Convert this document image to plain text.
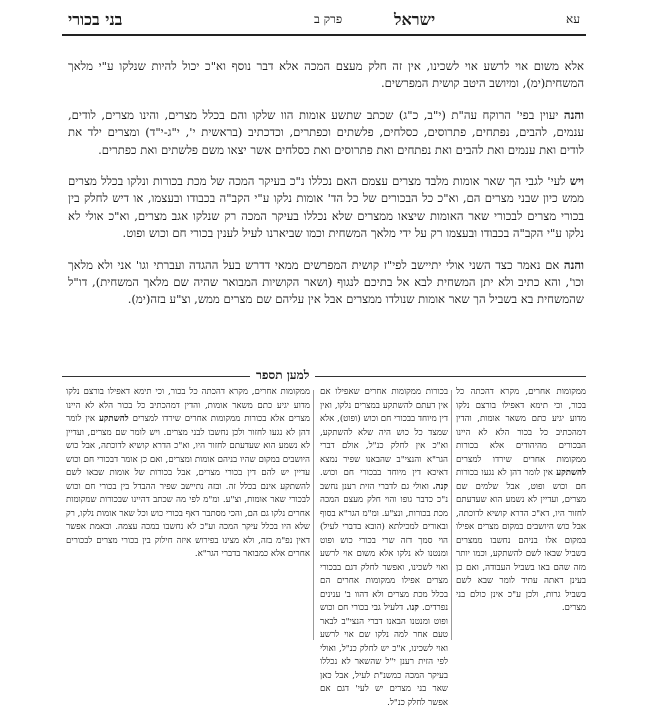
בני בכורי	פרק ב	ישראל	עא

אלא משום אוי לרשע אוי לשכינו, אין זה חלק מעצם המכה אלא דבר נוסף וא"כ יכול להיות שנלקו ע"י מלאך המשחית(ימ), ומיושב היטב קושית המפרשים.

והנה יעוין בפי' הרוקח עה"ת (י"ב, כ"ג) שכתב שתשע אומות הוו שלקו והם בכלל מצרים, והינו מצרים, לודים, ענמים, להבים, נפתחים, פתרוסים, כסלחים, פלשתים וכפתרים, וכדכתיב (בראשית י', י"ג-י"ד) ומצרים ילד את לודים ואת ענמים ואת להבים ואת נפתחים ואת פתרוסים ואת כסלחים אשר יצאו משם פלשתים ואת כפתרים.

ויש לעי' לגבי הך שאר אומות מלבד מצרים עצמם האם נכללו נ"כ בעיקר המכה של מכת בכורות ונלקו בכלל מצרים ממש כיון שבני מצרים הם, וא"כ כל הבכורים של כל הד' אומות נלקו ע"י הקב"ה בכבודו ובעצמו, או דיש לחלק בין בכורי מצרים לבכורי שאר האומות שיצאו ממצרים שלא נכללו בעיקר המכה רק שנלקו אגב מצרים, וא"כ אולי לא נלקו ע"י הקב"ה בכבודו ובעצמו רק על ידי מלאך המשחית וכמו שביארנו לעיל לענין בכורי חם וכוש ופוט.

והנה אם נאמר כצד השני אולי יתיישב לפי"ז קושית המפרשים ממאי דדרש בעל ההגדה ועברתי וגו' אני ולא מלאך וכו', והא כתיב ולא יתן המשחית לבא אל בתיכם לנגוף (ושאר הקושיות המבואר שהיה שם מלאך המשחית), דו"ל שהמשחית בא בשביל הך שאר אומות שנולדו ממצרים אבל אין עליהם שם מצרים ממש, וצ"ע בזה(ימ).

למען תספר
ממקומות אחרים, מקרא דהכתה כל בכור, וכי תימא דאפילו בורצם נלקו מדוע יגיע כתם משאר אומות, והדין דמהכתיב כל בכור הלא לא היינו הבכורים מהיהודים אלא בכורות ממקומות אחרים שירדו למצרים להשתקע אין לומר דהן לא נגעו בכורות חם וכוש ופוט, אבל שלמים שם מצרים, ועדיין לא נשמע הוא שעדעתם לחזור היו, דא"כ הדרא קושיא לדוכתה, אבל כוש היושבים במקום מצרים אפילו במקום אלו בניהם נחשבו ממצרים בשביל שבאו לשם להשתקע, וכמו יותר מזה שהם באו בשביל העבודה, ואם כן בעינן דאתה עתיד לומר שבא לשם בשביל גרות, ולכן ע"כ אינן כולם בני מצרים.
בכורות ממקומות אחרים שאפילו אם אין דעתם להשתקע במצרים נלקו, ואין דין מיוחד בבכורי חם וכוש (ופוט), אלא שמצד כל כוש היה שלא להשתקע, וא"כ אין לחלק כנ"ל, אולם דברי הגר"א והנצי"ב שהבאנו שפיר נמצא דאיכא דין מיוחד בבכורי חם וכוש. קנה. ואולי גם לדברי הזית רענן נחשב נ"כ כדבר גופו והוי חלק מעצם המכה מכת בכורות, ונצ"ע. ומ"מ הגר"א בסוף ובאורים למכילתא (הובא בדברי לעיל) הוי סמך דזה שרי בכורי כוש ופוט ומנטנו לא נלקו אלא משום אוי לרשע ואוי לשכינו, ואפשר לחלק דגם בבכורי מצרים אפילו ממקומות אחרים הם בכלל מכת מצרים ולא דהוו ב' ענינים נפרדים. קנו. דלעיל גבי בכורי חם וכוש ופוט ומנטנו הבאנו דברי הנצי"ב לבאר טעם אחר למה נלקו שם אוי לרשע ואוי לשכינו, א"כ יש לחלק כנ"ל, ואולי לפי הזית רענן י"ל שהשאר לא נכללו בעיקר המכה כמשנ"ת לעיל, אבל כאן שאר בני מצרים יש לעי' דגם אם אפשר לחלק כנ"ל.
ממקומות אחרים, מקרא דהכתה כל בכור, וכי תימא דאפילו בורצם נלקו מדוע יגיע כתם משאר אומות, והדין דמהכתיב כל בכור הלא לא היינו מצרים אלא בכורות ממקומות אחרים שירדו למצרים להשתקע אין לומר דהן לא נגעו לחזור ולכן נחשבו לבני מצרים. ויש לומר שם מצרים, ועדיין לא נשמע הוא שעדעתם לחזור היו, וא"כ הדרא קושיא לדוכתה, אבל כוש היושבים במקום שהיו בניהם אומות ומצרים, ואם כן אומר דבכורי חם וכוש עדיין יש להם דין בכורי מצרים, אבל בכורות של אומות שבאו לשם להשתקע אינם בכלל זה. ובזה נתיישב שפיר ההבדל בין בכורי חם וכוש לבכורי שאר אומות, וצ"ע. ומ"מ לפי מה שכתב דהיינו שבכורות שמקומות אחרים נלקו גם הם, והכי מסתבר דאף בכורי כוש וכל שאר אומות נלקו, רק שלא היו בכלל עיקר המכה וע"כ לא נחשבו במכה עצמה. ובאמת אפשר דאין נפ"מ בזה, ולא מצינו בפירוש איזה חילוק בין בכורי מצרים לבכורים אחרים אלא כמבואר בדברי הגר"א.
